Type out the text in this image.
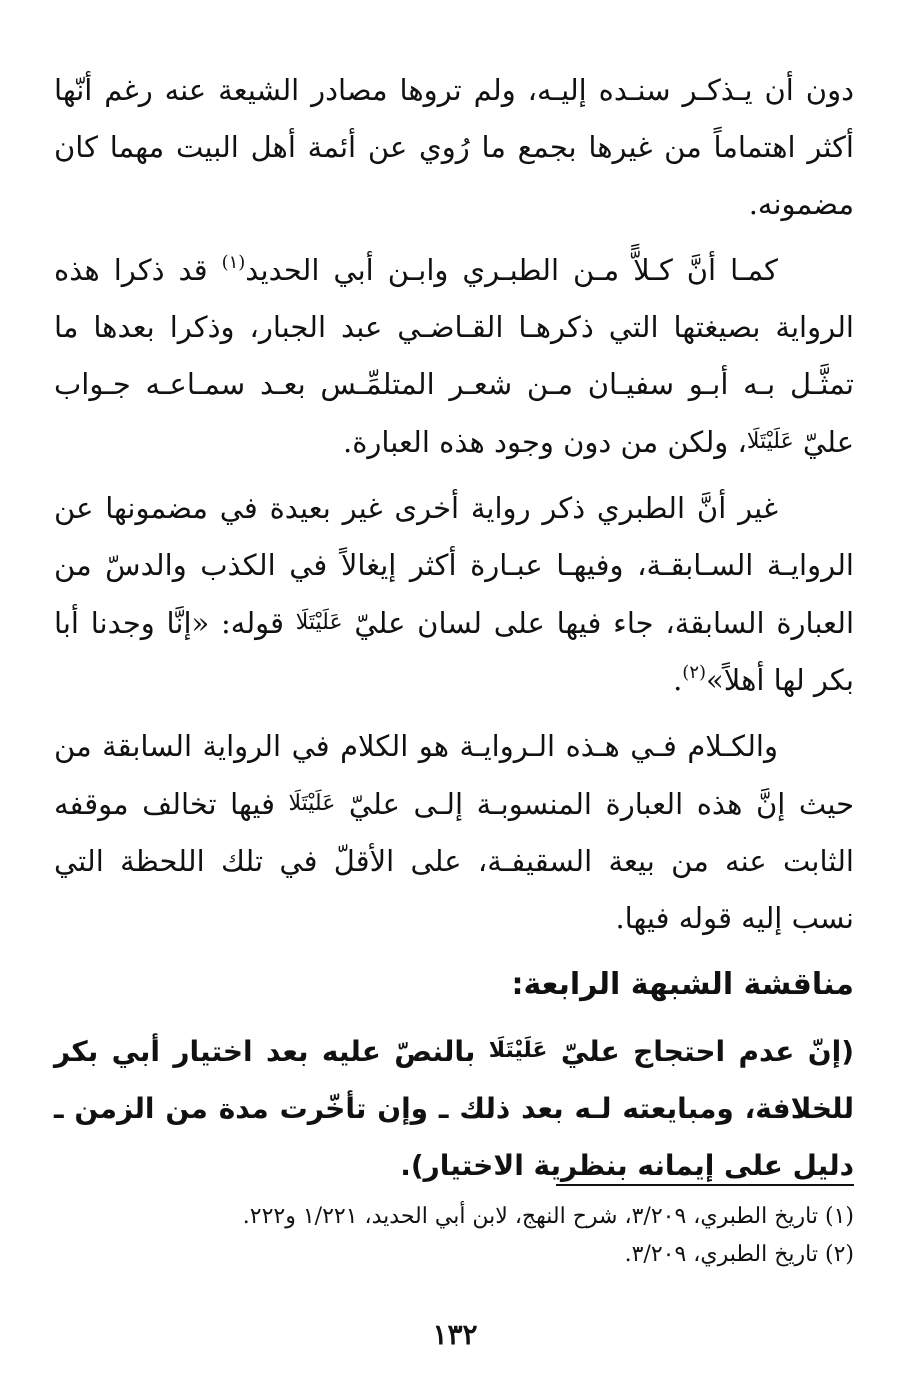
دون أن يـذكـر سنـده إليـه، ولم تروها مصادر الشيعة عنه رغم أنّها أكثر اهتماماً من غيرها بجمع ما رُوي عن أئمة أهل البيت مهما كان مضمونه.

كمـا أنَّ كـلاًّ مـن الطبـري وابـن أبي الحديد$^{(١)}$ قد ذكرا هذه الرواية بصيغتها التي ذكرهـا القـاضـي عبد الجبار، وذكرا بعدها ما تمثَّـل بـه أبـو سفيـان مـن شعـر المتلمِّـس بعـد سمـاعـه جـواب عليّ عَلَيْتَلَا، ولكن من دون وجود هذه العبارة.

غير أنَّ الطبري ذكر رواية أخرى غير بعيدة في مضمونها عن الروايـة السـابقـة، وفيهـا عبـارة أكثر إيغالاً في الكذب والدسّ من العبارة السابقة، جاء فيها على لسان عليّ عَلَيْتَلَا قوله: «إنَّا وجدنا أبا بكر لها أهلاً»$^{(٢)}$.

والكـلام فـي هـذه الـروايـة هو الكلام في الرواية السابقة من حيث إنَّ هذه العبارة المنسوبـة إلـى عليّ عَلَيْتَلَا فيها تخالف موقفه الثابت عنه من بيعة السقيفـة، على الأقلّ في تلك اللحظة التي نسب إليه قوله فيها.

مناقشة الشبهة الرابعة:

(إنّ عدم احتجاج عليّ عَلَيْتَلَا بالنصّ عليه بعد اختيار أبي بكر للخلافة، ومبايعته لـه بعد ذلك ـ وإن تأخّرت مدة من الزمن ـ دليل على إيمانه بنظرية الاختيار).

(١) تاريخ الطبري، ٣/٢٠٩، شرح النهج، لابن أبي الحديد، ١/٢٢١ و٢٢٢.

(٢) تاريخ الطبري، ٣/٢٠٩.

١٣٢
